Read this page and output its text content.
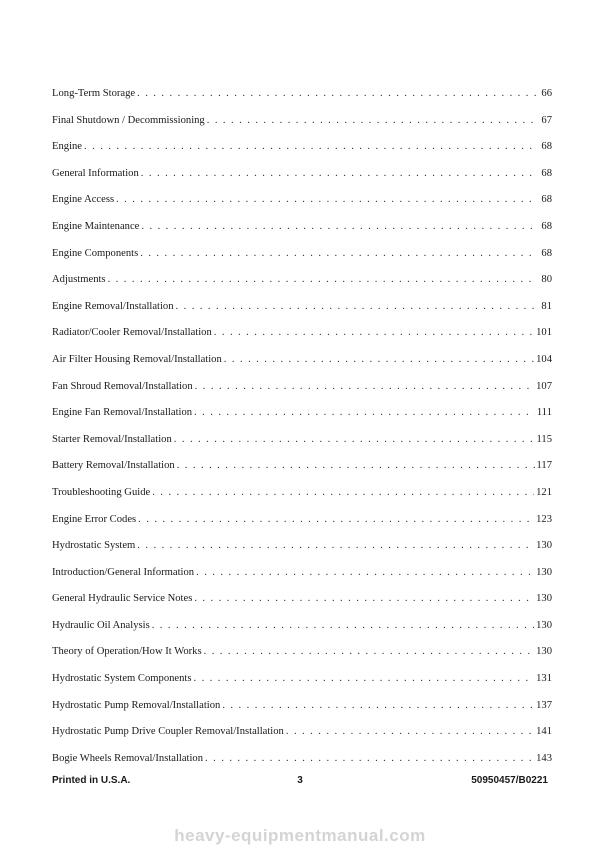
Long-Term Storage . . .	66
Final Shutdown / Decommissioning . . .	67
Engine . . .	68
General Information . . .	68
Engine Access . . .	68
Engine Maintenance . . .	68
Engine Components . . .	68
Adjustments . . .	80
Engine Removal/Installation . . .	81
Radiator/Cooler Removal/Installation . . .	101
Air Filter Housing Removal/Installation . . .	104
Fan Shroud Removal/Installation . . .	107
Engine Fan Removal/Installation . . .	111
Starter Removal/Installation . . .	115
Battery Removal/Installation . . .	117
Troubleshooting Guide . . .	121
Engine Error Codes . . .	123
Hydrostatic System . . .	130
Introduction/General Information . . .	130
General Hydraulic Service Notes . . .	130
Hydraulic Oil Analysis . . .	130
Theory of Operation/How It Works . . .	130
Hydrostatic System Components . . .	131
Hydrostatic Pump Removal/Installation . . .	137
Hydrostatic Pump Drive Coupler Removal/Installation . . .	141
Bogie Wheels Removal/Installation . . .	143
Printed in U.S.A.	3	50950457/B0221
heavy-equipmentmanual.com
